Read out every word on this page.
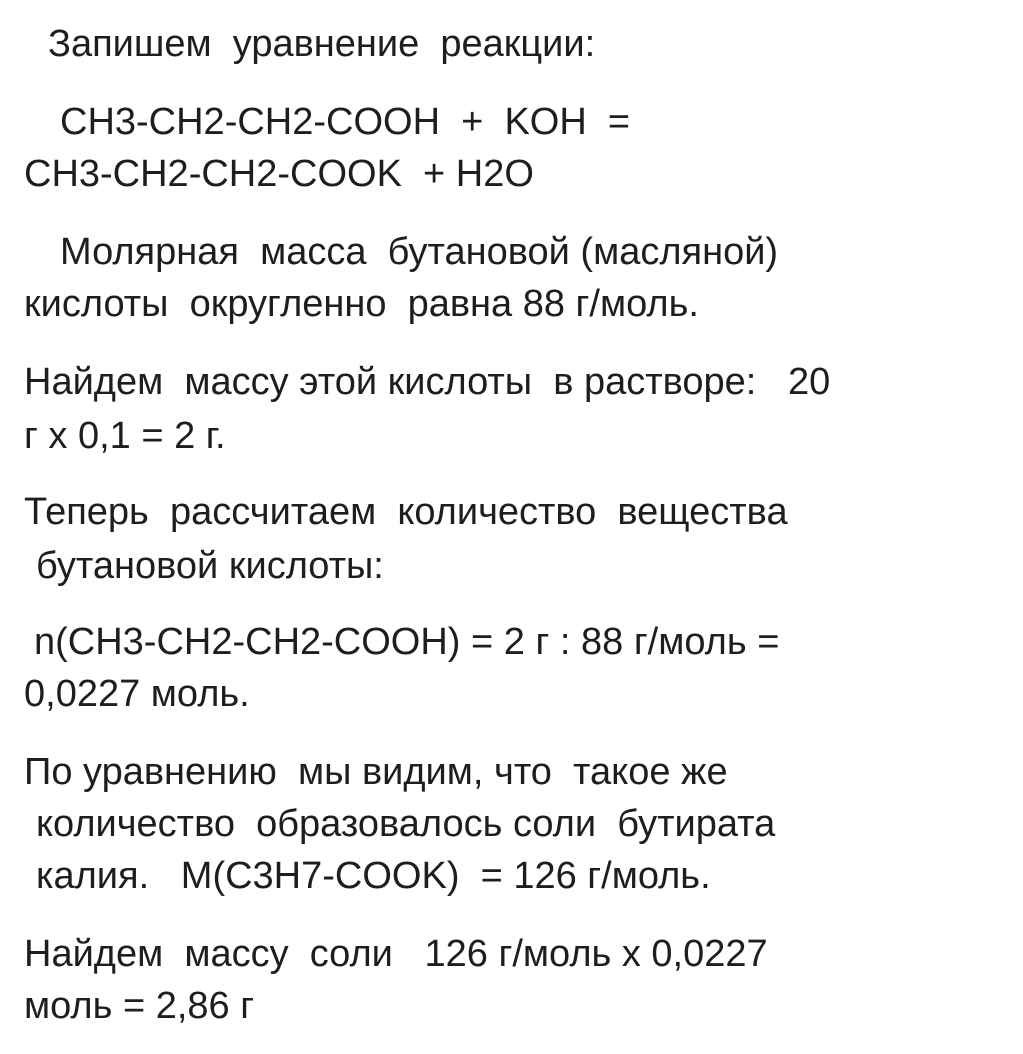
Запишем  уравнение  реакции:

CH3-CH2-CH2-COOH  +  KOH  =

CH3-CH2-CH2-COOK  + H2O

Молярная  масса  бутановой (масляной)

кислоты  округленно  равна 88 г/моль.

Найдем  массу этой кислоты  в растворе:   20

г х 0,1 = 2 г.

Теперь  рассчитаем  количество  вещества

бутановой кислоты:

n(CH3-CH2-CH2-COOH) = 2 г : 88 г/моль =

0,0227 моль.

По уравнению  мы видим, что  такое же

количество  образовалось соли  бутирата

калия.   M(C3H7-COOK)  = 126 г/моль.

Найдем  массу  соли   126 г/моль х 0,0227

моль = 2,86 г
